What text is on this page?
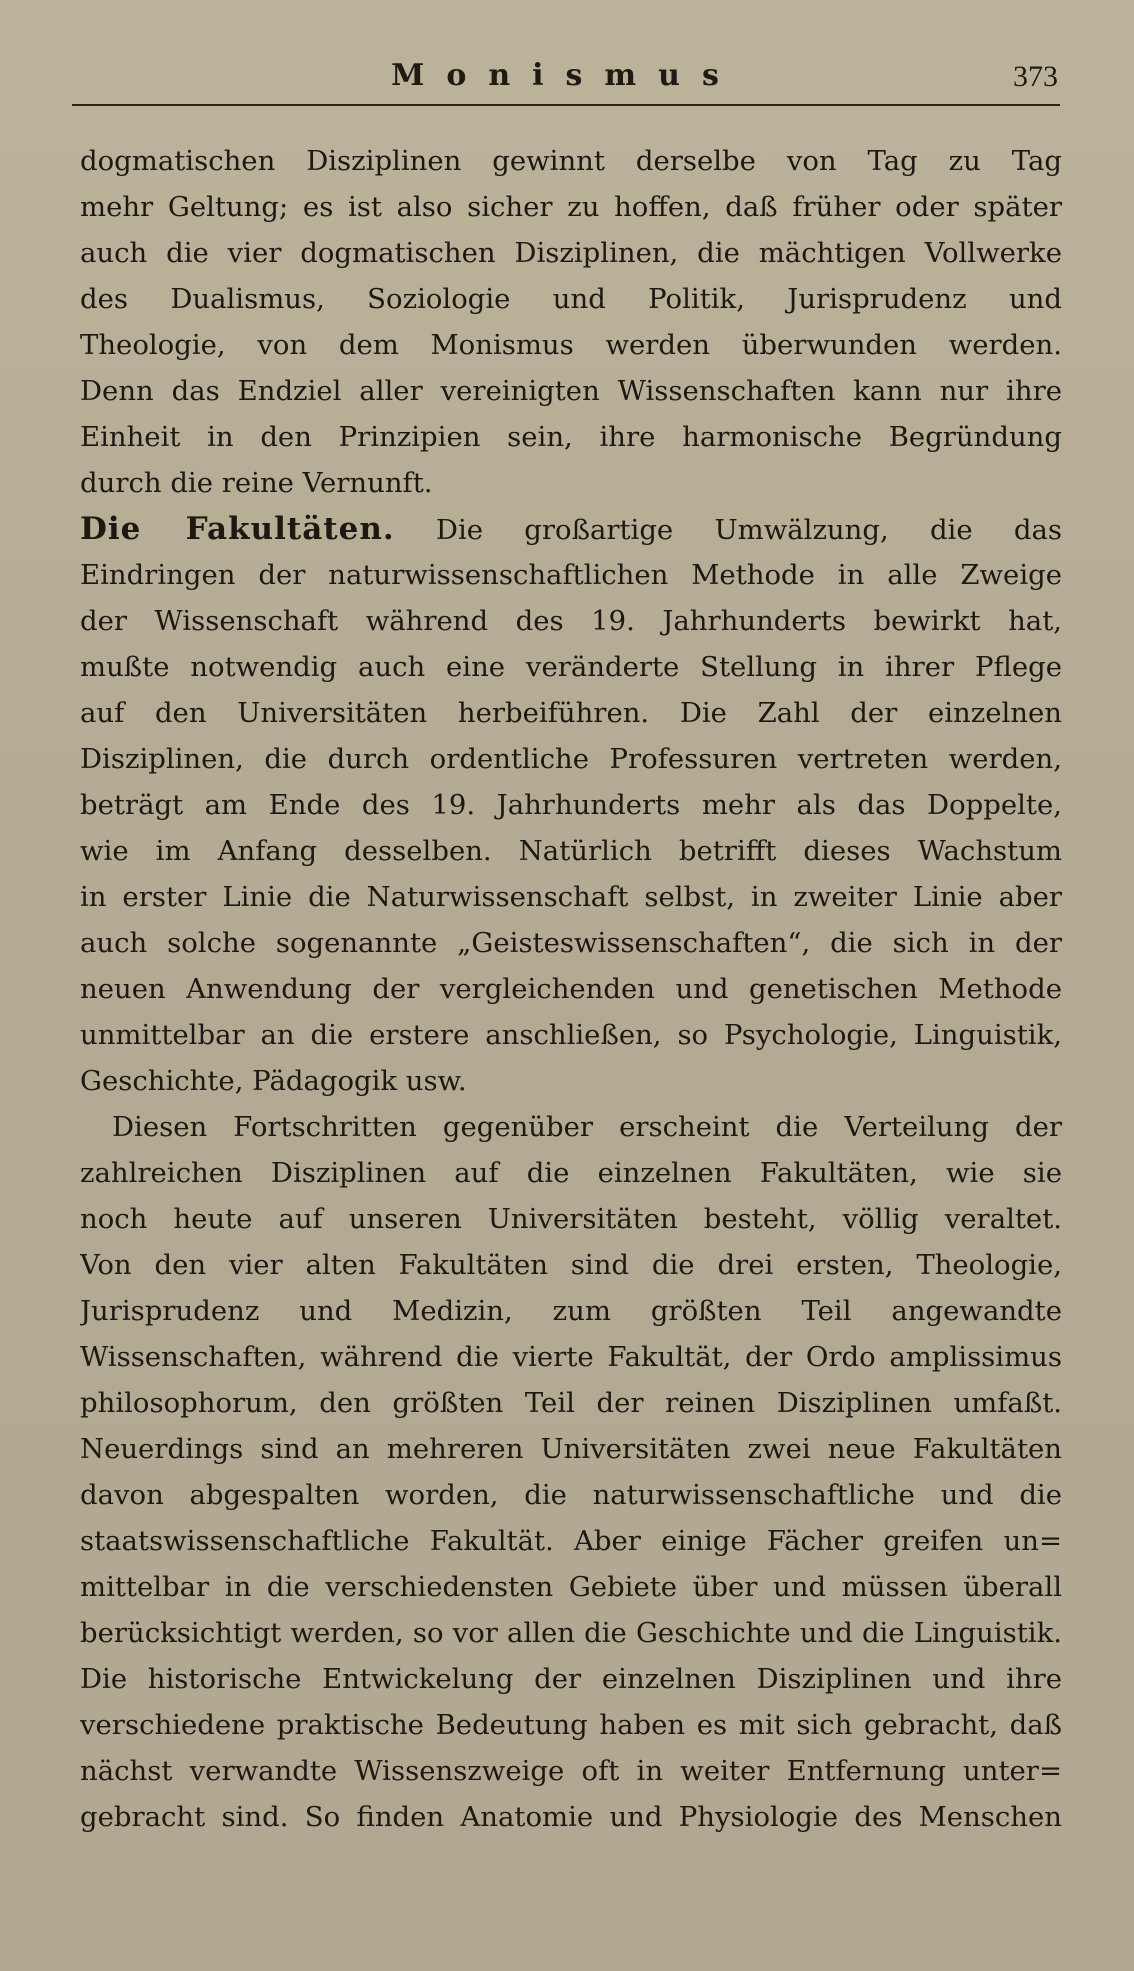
Monismus	373
dogmatischen Disziplinen gewinnt derselbe von Tag zu Tag
mehr Geltung; es ist also sicher zu hoffen, daß früher oder später
auch die vier dogmatischen Disziplinen, die mächtigen Vollwerke
des Dualismus, Soziologie und Politik, Jurisprudenz und
Theologie, von dem Monismus werden überwunden werden.
Denn das Endziel aller vereinigten Wissenschaften kann nur ihre
Einheit in den Prinzipien sein, ihre harmonische Begründung
durch die reine Vernunft.
Die Fakultäten. Die großartige Umwälzung, die das
Eindringen der naturwissenschaftlichen Methode in alle Zweige
der Wissenschaft während des 19. Jahrhunderts bewirkt hat,
mußte notwendig auch eine veränderte Stellung in ihrer Pflege
auf den Universitäten herbeiführen. Die Zahl der einzelnen
Disziplinen, die durch ordentliche Professuren vertreten werden,
beträgt am Ende des 19. Jahrhunderts mehr als das Doppelte,
wie im Anfang desselben. Natürlich betrifft dieses Wachstum
in erster Linie die Naturwissenschaft selbst, in zweiter Linie aber
auch solche sogenannte „Geisteswissenschaften“, die sich in der
neuen Anwendung der vergleichenden und genetischen Methode
unmittelbar an die erstere anschließen, so Psychologie, Linguistik,
Geschichte, Pädagogik usw.
Diesen Fortschritten gegenüber erscheint die Verteilung der
zahlreichen Disziplinen auf die einzelnen Fakultäten, wie sie
noch heute auf unseren Universitäten besteht, völlig veraltet.
Von den vier alten Fakultäten sind die drei ersten, Theologie,
Jurisprudenz und Medizin, zum größten Teil angewandte
Wissenschaften, während die vierte Fakultät, der Ordo amplissimus
philosophorum, den größten Teil der reinen Disziplinen umfaßt.
Neuerdings sind an mehreren Universitäten zwei neue Fakultäten
davon abgespalten worden, die naturwissenschaftliche und die
staatswissenschaftliche Fakultät. Aber einige Fächer greifen un=
mittelbar in die verschiedensten Gebiete über und müssen überall
berücksichtigt werden, so vor allen die Geschichte und die Linguistik.
Die historische Entwickelung der einzelnen Disziplinen und ihre
verschiedene praktische Bedeutung haben es mit sich gebracht, daß
nächst verwandte Wissenszweige oft in weiter Entfernung unter=
gebracht sind. So finden Anatomie und Physiologie des Menschen
